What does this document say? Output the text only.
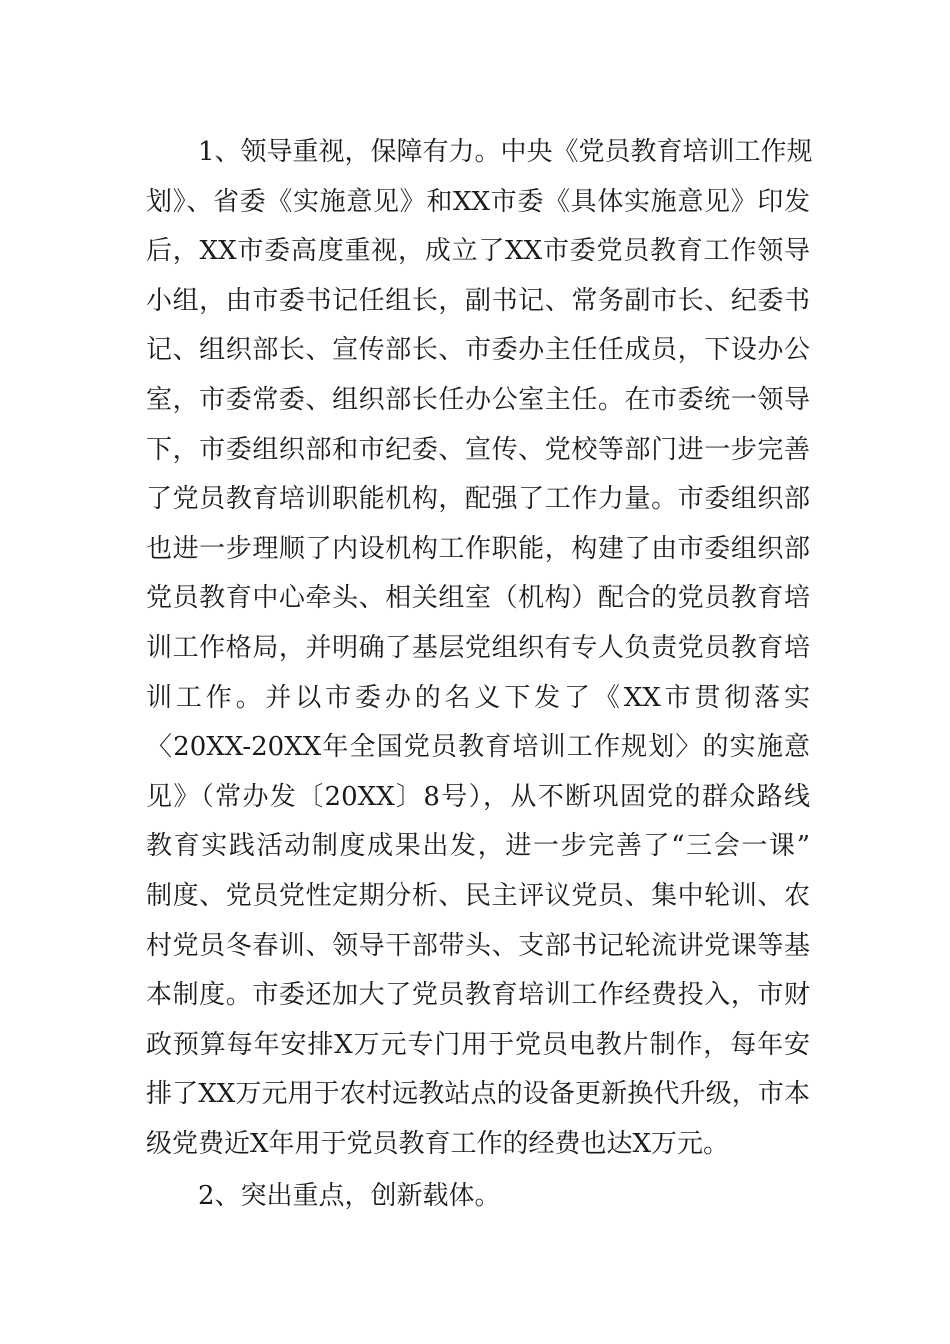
　　1、领导重视，保障有力。中央《党员教育培训工作规
划》、省委《实施意见》和XX市委《具体实施意见》印发
后，XX市委高度重视，成立了XX市委党员教育工作领导
小组，由市委书记任组长，副书记、常务副市长、纪委书
记、组织部长、宣传部长、市委办主任任成员，下设办公
室，市委常委、组织部长任办公室主任。在市委统一领导
下，市委组织部和市纪委、宣传、党校等部门进一步完善
了党员教育培训职能机构，配强了工作力量。市委组织部
也进一步理顺了内设机构工作职能，构建了由市委组织部
党员教育中心牵头、相关组室（机构）配合的党员教育培
训工作格局，并明确了基层党组织有专人负责党员教育培
训工作。并以市委办的名义下发了《XX市贯彻落实
〈20XX-20XX年全国党员教育培训工作规划〉的实施意
见》（常办发〔20XX〕8号），从不断巩固党的群众路线
教育实践活动制度成果出发，进一步完善了“三会一课”
制度、党员党性定期分析、民主评议党员、集中轮训、农
村党员冬春训、领导干部带头、支部书记轮流讲党课等基
本制度。市委还加大了党员教育培训工作经费投入，市财
政预算每年安排X万元专门用于党员电教片制作，每年安
排了XX万元用于农村远教站点的设备更新换代升级，市本
级党费近X年用于党员教育工作的经费也达X万元。
　　2、突出重点，创新载体。
